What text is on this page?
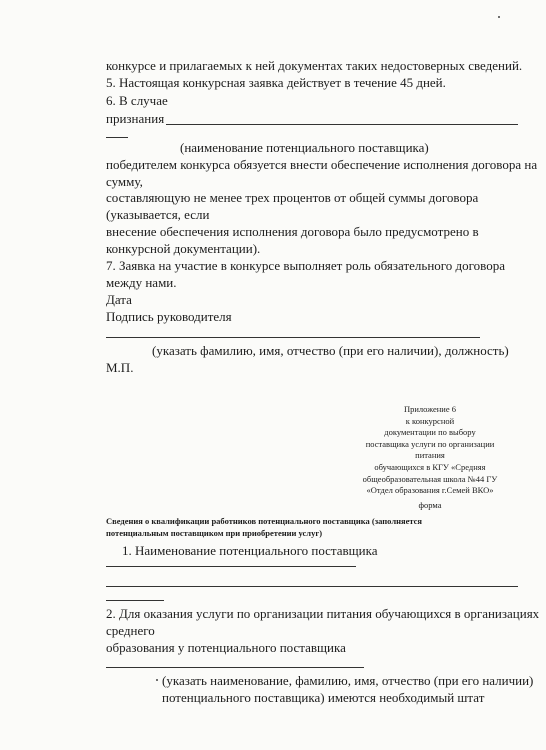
конкурсе и прилагаемых к ней документах таких недостоверных сведений.
5. Настоящая конкурсная заявка действует в течение 45 дней.
6. В случае
признания
(наименование потенциального поставщика)
победителем конкурса обязуется внести обеспечение исполнения договора на
сумму,
составляющую не менее трех процентов от общей суммы договора
(указывается, если
внесение обеспечения исполнения договора было предусмотрено в
конкурсной документации).
7. Заявка на участие в конкурсе выполняет роль обязательного договора
между нами.
Дата
Подпись руководителя
(указать фамилию, имя, отчество (при его наличии), должность)
М.П.
Приложение 6
к конкурсной
документации по выбору
поставщика услуги по организации
питания
обучающихся в КГУ «Средняя
общеобразовательная школа №44 ГУ
«Отдел образования г.Семей ВКО»
форма
Сведения о квалификации работников потенциального поставщика (заполняется
потенциальным поставщиком при приобретении услуг)
1. Наименование потенциального поставщика
2. Для оказания услуги по организации питания обучающихся в организациях
среднего
образования у потенциального поставщика
(указать наименование, фамилию, имя, отчество (при его наличии)
потенциального поставщика) имеются необходимый штат
